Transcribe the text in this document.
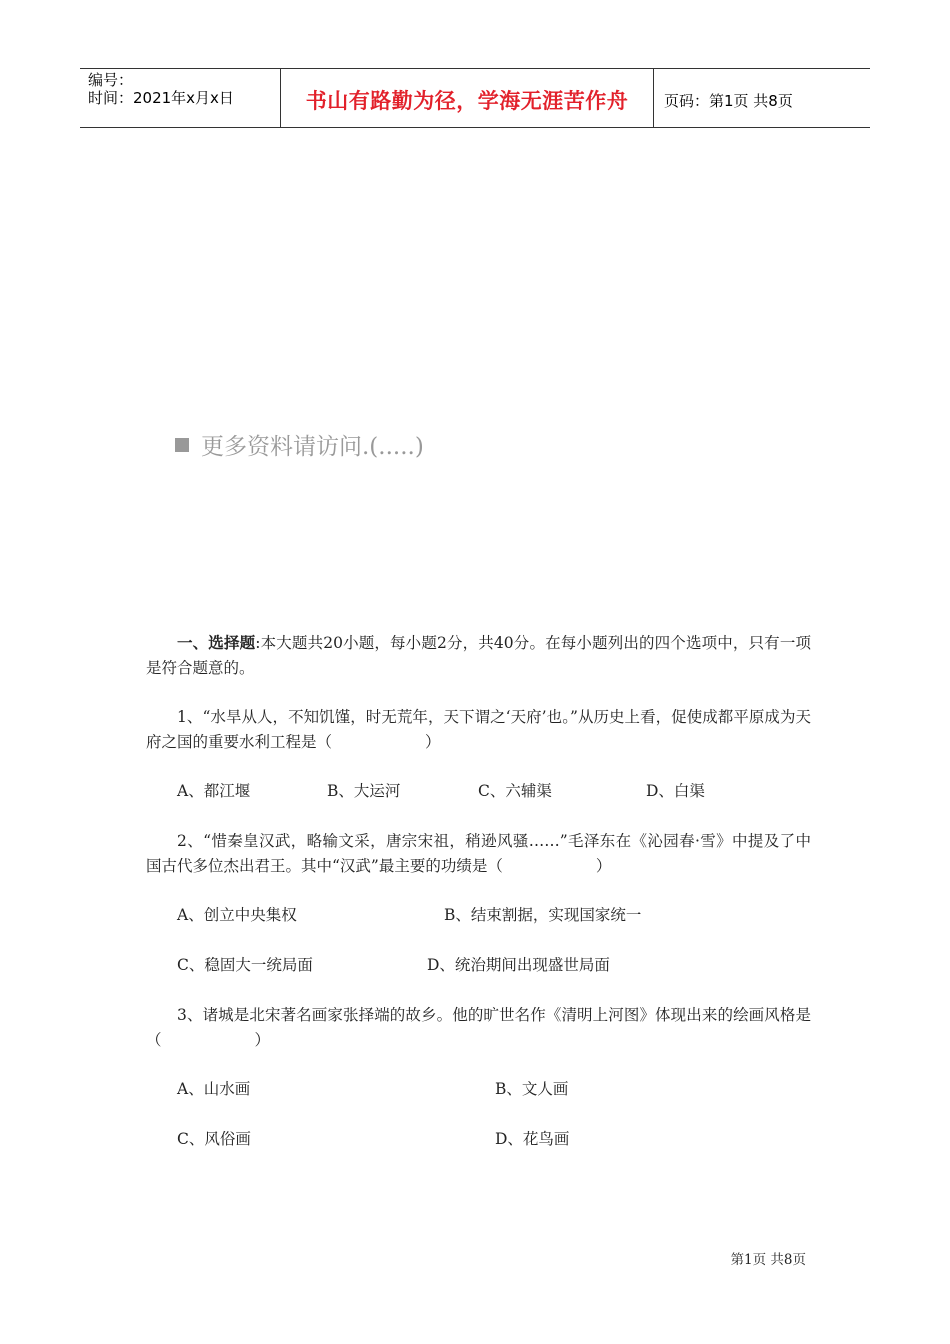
编号：
时间：2021年x月x日	书山有路勤为径，学海无涯苦作舟	页码：第1页 共8页
更多资料请访问.(.....)

一、选择题:本大题共20小题，每小题2分，共40分。在每小题列出的四个选项中，只有一项是符合题意的。

1、“水旱从人，不知饥馑，时无荒年，天下谓之‘天府’也。”从历史上看，促使成都平原成为天府之国的重要水利工程是（　　　　　　）

A、都江堰	B、大运河	C、六辅渠	D、白渠

2、“惜秦皇汉武，略输文采，唐宗宋祖，稍逊风骚……”毛泽东在《沁园春·雪》中提及了中国古代多位杰出君王。其中“汉武”最主要的功绩是（　　　　　　）

A、创立中央集权	B、结束割据，实现国家统一
C、稳固大一统局面	D、统治期间出现盛世局面

3、诸城是北宋著名画家张择端的故乡。他的旷世名作《清明上河图》体现出来的绘画风格是（　　　　　　）

A、山水画	B、文人画
C、风俗画	D、花鸟画
第1页 共8页
